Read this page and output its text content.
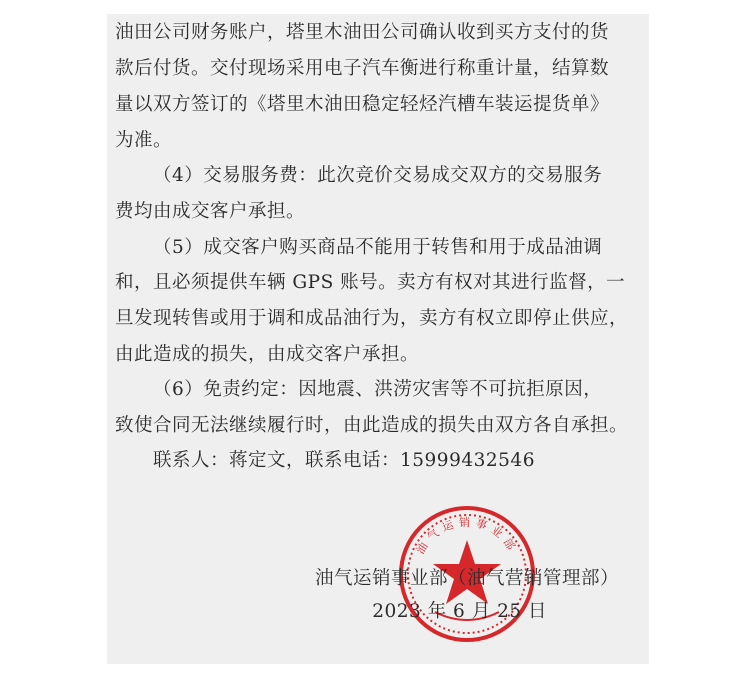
油田公司财务账户，塔里木油田公司确认收到买方支付的货
款后付货。交付现场采用电子汽车衡进行称重计量，结算数
量以双方签订的《塔里木油田稳定轻烃汽槽车装运提货单》
为准。
（4）交易服务费：此次竞价交易成交双方的交易服务
费均由成交客户承担。
（5）成交客户购买商品不能用于转售和用于成品油调
和，且必须提供车辆 GPS 账号。卖方有权对其进行监督，一
旦发现转售或用于调和成品油行为，卖方有权立即停止供应，
由此造成的损失，由成交客户承担。
（6）免责约定：因地震、洪涝灾害等不可抗拒原因，
致使合同无法继续履行时，由此造成的损失由双方各自承担。
联系人：蒋定文，联系电话：15999432546
油气运销事业部
油气运销事业部（油气营销管理部）
2023 年 6 月 25 日
